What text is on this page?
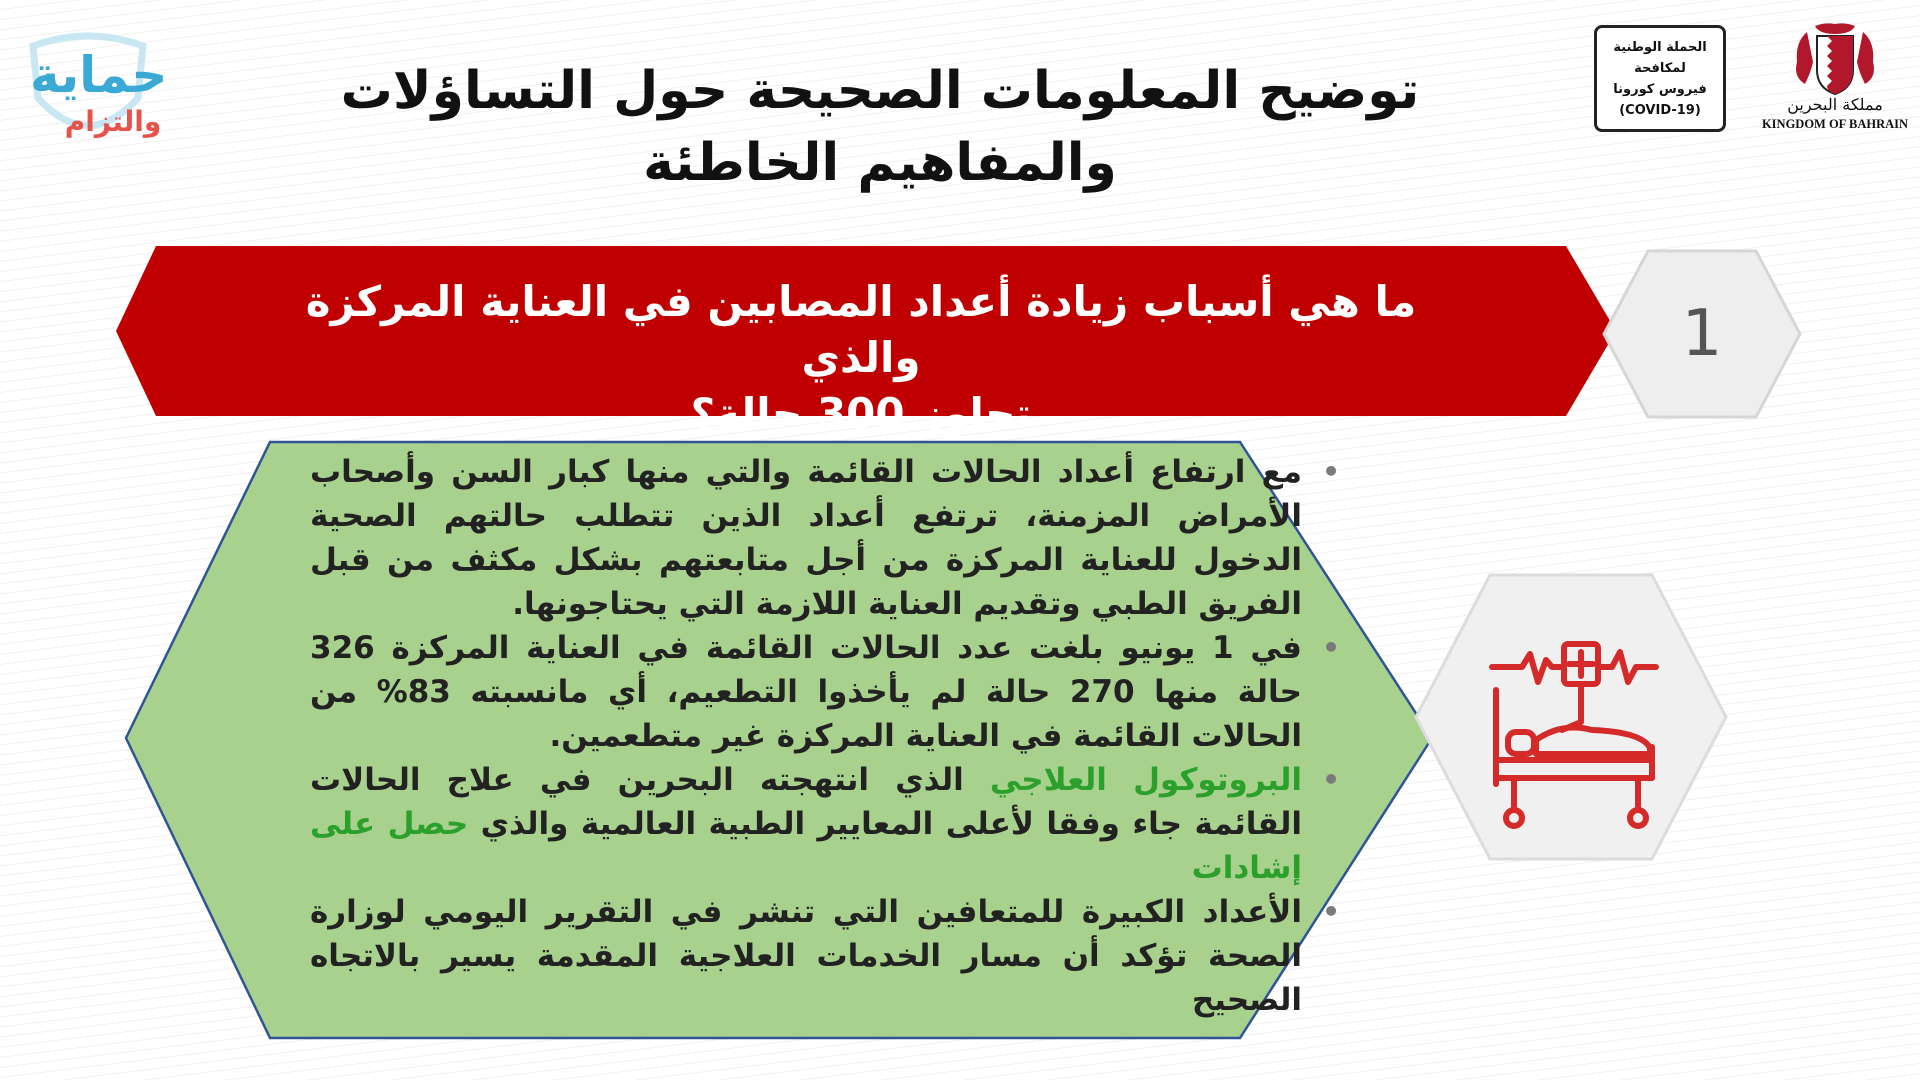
حماية
والتزام
توضيح المعلومات الصحيحة حول التساؤلات
والمفاهيم الخاطئة
الحملة الوطنية
لمكافحة
فيروس كورونا
(COVID-19)	مملكة البحرين
KINGDOM OF BAHRAIN
ما هي أسباب زيادة أعداد المصابين في العناية المركزة والذي
تجاوز 300 حالة؟
1
• مع ارتفاع أعداد الحالات القائمة والتي منها كبار السن وأصحاب الأمراض المزمنة، ترتفع أعداد الذين تتطلب حالتهم الصحية الدخول للعناية المركزة من أجل متابعتهم بشكل مكثف من قبل الفريق الطبي وتقديم العناية اللازمة التي يحتاجونها.
• في 1 يونيو بلغت عدد الحالات القائمة في العناية المركزة 326 حالة منها 270 حالة لم يأخذوا التطعيم، أي مانسبته 83% من الحالات القائمة في العناية المركزة غير متطعمين.
• البروتوكول العلاجي الذي انتهجته البحرين في علاج الحالات القائمة جاء وفقا لأعلى المعايير الطبية العالمية والذي حصل على إشادات
• الأعداد الكبيرة للمتعافين التي تنشر في التقرير اليومي لوزارة الصحة تؤكد أن مسار الخدمات العلاجية المقدمة يسير بالاتجاه الصحيح
